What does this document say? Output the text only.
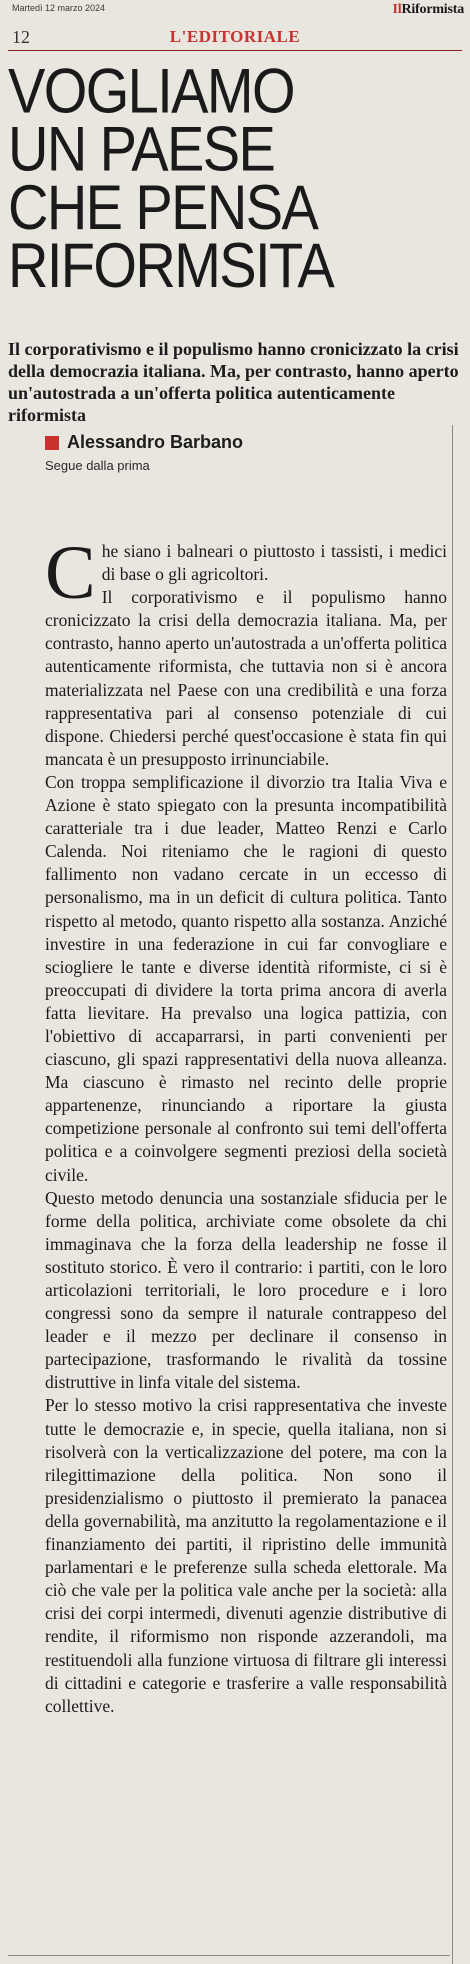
Martedì 12 marzo 2024	IlRiformista
12	L'EDITORIALE
VOGLIAMO
UN PAESE
CHE PENSA
RIFORMSITA
Il corporativismo e il populismo hanno cronicizzato la crisi della democrazia italiana. Ma, per contrasto, hanno aperto un'autostrada a un'offerta politica autenticamente riformista
Alessandro Barbano
Segue dalla prima

Che siano i balneari o piuttosto i tassisti, i medici di base o gli agricoltori.

Il corporativismo e il populismo hanno cronicizzato la crisi della democrazia italiana. Ma, per contrasto, hanno aperto un'autostrada a un'offerta politica autenticamente riformista, che tuttavia non si è ancora materializzata nel Paese con una credibilità e una forza rappresentativa pari al consenso potenziale di cui dispone. Chiedersi perché quest'occasione è stata fin qui mancata è un presupposto irrinunciabile.

Con troppa semplificazione il divorzio tra Italia Viva e Azione è stato spiegato con la presunta incompatibilità caratteriale tra i due leader, Matteo Renzi e Carlo Calenda. Noi riteniamo che le ragioni di questo fallimento non vadano cercate in un eccesso di personalismo, ma in un deficit di cultura politica. Tanto rispetto al metodo, quanto rispetto alla sostanza. Anziché investire in una federazione in cui far convogliare e sciogliere le tante e diverse identità riformiste, ci si è preoccupati di dividere la torta prima ancora di averla fatta lievitare. Ha prevalso una logica pattizia, con l'obiettivo di accaparrarsi, in parti convenienti per ciascuno, gli spazi rappresentativi della nuova alleanza. Ma ciascuno è rimasto nel recinto delle proprie appartenenze, rinunciando a riportare la giusta competizione personale al confronto sui temi dell'offerta politica e a coinvolgere segmenti preziosi della società civile.

Questo metodo denuncia una sostanziale sfiducia per le forme della politica, archiviate come obsolete da chi immaginava che la forza della leadership ne fosse il sostituto storico. È vero il contrario: i partiti, con le loro articolazioni territoriali, le loro procedure e i loro congressi sono da sempre il naturale contrappeso del leader e il mezzo per declinare il consenso in partecipazione, trasformando le rivalità da tossine distruttive in linfa vitale del sistema.

Per lo stesso motivo la crisi rappresentativa che investe tutte le democrazie e, in specie, quella italiana, non si risolverà con la verticalizzazione del potere, ma con la rilegittimazione della politica. Non sono il presidenzialismo o piuttosto il premierato la panacea della governabilità, ma anzitutto la regolamentazione e il finanziamento dei partiti, il ripristino delle immunità parlamentari e le preferenze sulla scheda elettorale. Ma ciò che vale per la politica vale anche per la società: alla crisi dei corpi intermedi, divenuti agenzie distributive di rendite, il riformismo non risponde azzerandoli, ma restituendoli alla funzione virtuosa di filtrare gli interessi di cittadini e categorie e trasferire a valle responsabilità collettive.
